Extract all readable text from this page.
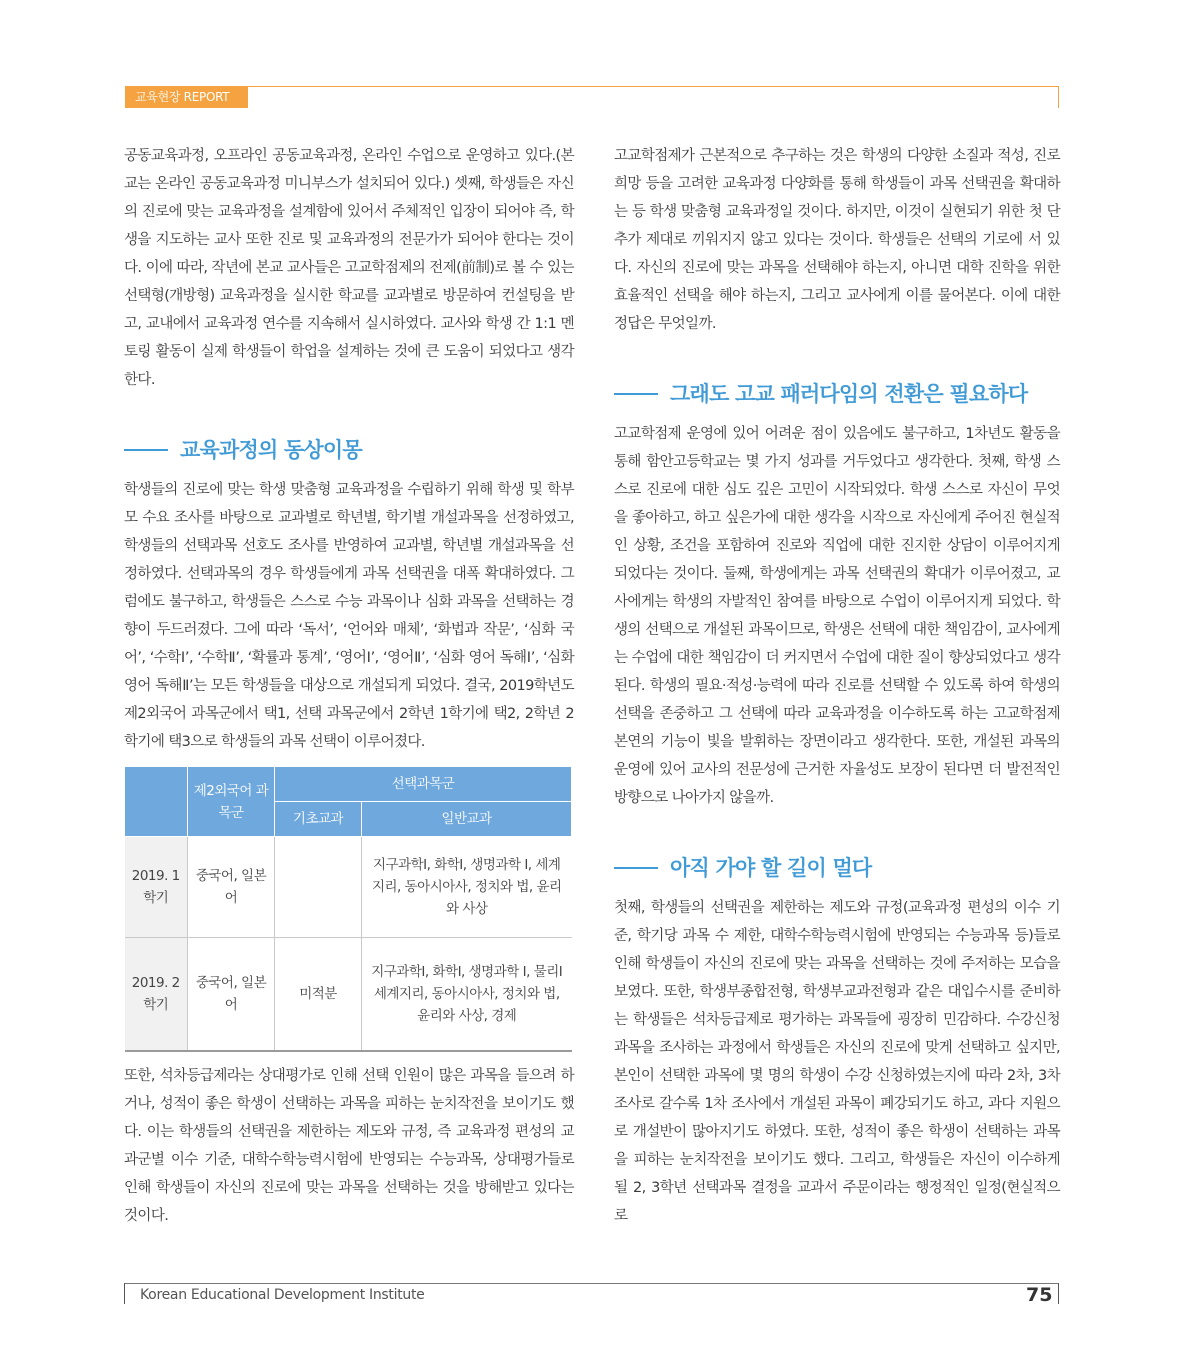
교육현장 REPORT

공동교육과정, 오프라인 공동교육과정, 온라인 수업으로 운영하고 있다.(본교는 온라인 공동교육과정 미니부스가 설치되어 있다.) 셋째, 학생들은 자신의 진로에 맞는 교육과정을 설계함에 있어서 주체적인 입장이 되어야 즉, 학생을 지도하는 교사 또한 진로 및 교육과정의 전문가가 되어야 한다는 것이다. 이에 따라, 작년에 본교 교사들은 고교학점제의 전제(前制)로 볼 수 있는 선택형(개방형) 교육과정을 실시한 학교를 교과별로 방문하여 컨설팅을 받고, 교내에서 교육과정 연수를 지속해서 실시하였다. 교사와 학생 간 1:1 멘토링 활동이 실제 학생들이 학업을 설계하는 것에 큰 도움이 되었다고 생각한다.

교육과정의 동상이몽

학생들의 진로에 맞는 학생 맞춤형 교육과정을 수립하기 위해 학생 및 학부모 수요 조사를 바탕으로 교과별로 학년별, 학기별 개설과목을 선정하였고, 학생들의 선택과목 선호도 조사를 반영하여 교과별, 학년별 개설과목을 선정하였다. 선택과목의 경우 학생들에게 과목 선택권을 대폭 확대하였다. 그럼에도 불구하고, 학생들은 스스로 수능 과목이나 심화 과목을 선택하는 경향이 두드러졌다. 그에 따라 ‘독서’, ‘언어와 매체’, ‘화법과 작문’, ‘심화 국어’, ‘수학Ⅰ’, ‘수학Ⅱ’, ‘확률과 통계’, ‘영어Ⅰ’, ‘영어Ⅱ’, ‘심화 영어 독해Ⅰ’, ‘심화 영어 독해Ⅱ’는 모든 학생들을 대상으로 개설되게 되었다. 결국, 2019학년도 제2외국어 과목군에서 택1, 선택 과목군에서 2학년 1학기에 택2, 2학년 2학기에 택3으로 학생들의 과목 선택이 이루어졌다.

	제2외국어 과목군	선택과목군	
		기초교과	일반교과
2019. 1학기	중국어, 일본어		지구과학Ⅰ, 화학Ⅰ, 생명과학 Ⅰ, 세계지리, 동아시아사, 정치와 법, 윤리와 사상
2019. 2학기	중국어, 일본어	미적분	지구과학Ⅰ, 화학Ⅰ, 생명과학 Ⅰ, 물리Ⅰ 세계지리, 동아시아사, 정치와 법, 윤리와 사상, 경제

또한, 석차등급제라는 상대평가로 인해 선택 인원이 많은 과목을 들으려 하거나, 성적이 좋은 학생이 선택하는 과목을 피하는 눈치작전을 보이기도 했다. 이는 학생들의 선택권을 제한하는 제도와 규정, 즉 교육과정 편성의 교과군별 이수 기준, 대학수학능력시험에 반영되는 수능과목, 상대평가들로 인해 학생들이 자신의 진로에 맞는 과목을 선택하는 것을 방해받고 있다는 것이다.

고교학점제가 근본적으로 추구하는 것은 학생의 다양한 소질과 적성, 진로 희망 등을 고려한 교육과정 다양화를 통해 학생들이 과목 선택권을 확대하는 등 학생 맞춤형 교육과정일 것이다. 하지만, 이것이 실현되기 위한 첫 단추가 제대로 끼워지지 않고 있다는 것이다. 학생들은 선택의 기로에 서 있다. 자신의 진로에 맞는 과목을 선택해야 하는지, 아니면 대학 진학을 위한 효율적인 선택을 해야 하는지, 그리고 교사에게 이를 물어본다. 이에 대한 정답은 무엇일까.

그래도 고교 패러다임의 전환은 필요하다

고교학점제 운영에 있어 어려운 점이 있음에도 불구하고, 1차년도 활동을 통해 함안고등학교는 몇 가지 성과를 거두었다고 생각한다. 첫째, 학생 스스로 진로에 대한 심도 깊은 고민이 시작되었다. 학생 스스로 자신이 무엇을 좋아하고, 하고 싶은가에 대한 생각을 시작으로 자신에게 주어진 현실적인 상황, 조건을 포함하여 진로와 직업에 대한 진지한 상담이 이루어지게 되었다는 것이다. 둘째, 학생에게는 과목 선택권의 확대가 이루어졌고, 교사에게는 학생의 자발적인 참여를 바탕으로 수업이 이루어지게 되었다. 학생의 선택으로 개설된 과목이므로, 학생은 선택에 대한 책임감이, 교사에게는 수업에 대한 책임감이 더 커지면서 수업에 대한 질이 향상되었다고 생각된다. 학생의 필요·적성·능력에 따라 진로를 선택할 수 있도록 하여 학생의 선택을 존중하고 그 선택에 따라 교육과정을 이수하도록 하는 고교학점제 본연의 기능이 빛을 발휘하는 장면이라고 생각한다. 또한, 개설된 과목의 운영에 있어 교사의 전문성에 근거한 자율성도 보장이 된다면 더 발전적인 방향으로 나아가지 않을까.

아직 가야 할 길이 멀다

첫째, 학생들의 선택권을 제한하는 제도와 규정(교육과정 편성의 이수 기준, 학기당 과목 수 제한, 대학수학능력시험에 반영되는 수능과목 등)들로 인해 학생들이 자신의 진로에 맞는 과목을 선택하는 것에 주저하는 모습을 보였다. 또한, 학생부종합전형, 학생부교과전형과 같은 대입수시를 준비하는 학생들은 석차등급제로 평가하는 과목들에 굉장히 민감하다. 수강신청과목을 조사하는 과정에서 학생들은 자신의 진로에 맞게 선택하고 싶지만, 본인이 선택한 과목에 몇 명의 학생이 수강 신청하였는지에 따라 2차, 3차 조사로 갈수록 1차 조사에서 개설된 과목이 폐강되기도 하고, 과다 지원으로 개설반이 많아지기도 하였다. 또한, 성적이 좋은 학생이 선택하는 과목을 피하는 눈치작전을 보이기도 했다. 그리고, 학생들은 자신이 이수하게 될 2, 3학년 선택과목 결정을 교과서 주문이라는 행정적인 일정(현실적으로

Korean Educational Development Institute	75
